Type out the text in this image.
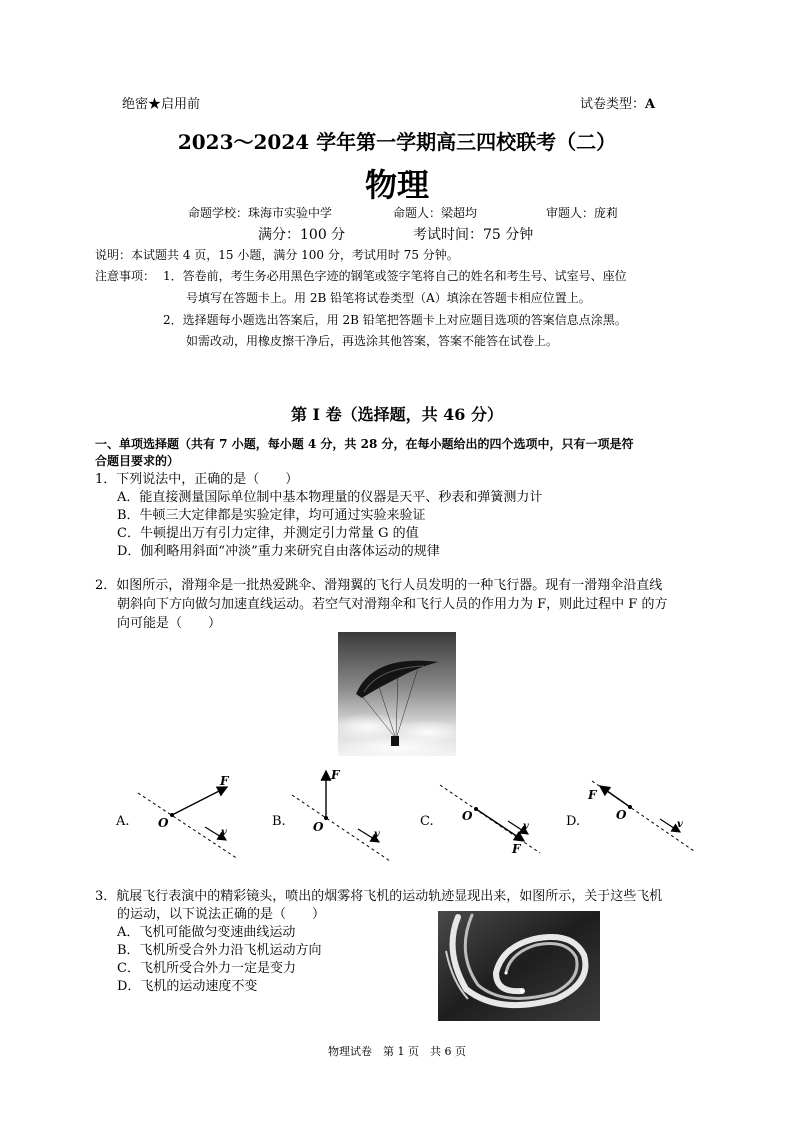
绝密★启用前	试卷类型：A
2023～2024 学年第一学期高三四校联考（二）
物理
命题学校：珠海市实验中学	命题人：梁超均	审题人：庞莉
满分：100 分	考试时间：75 分钟
说明：本试题共 4 页，15 小题，满分 100 分，考试用时 75 分钟。
注意事项： 1．答卷前，考生务必用黑色字迹的钢笔或签字笔将自己的姓名和考生号、试室号、座位
号填写在答题卡上。用 2B 铅笔将试卷类型（A）填涂在答题卡相应位置上。
2．选择题每小题选出答案后，用 2B 铅笔把答题卡上对应题目选项的答案信息点涂黑。
如需改动，用橡皮擦干净后，再选涂其他答案，答案不能答在试卷上。
第 I 卷（选择题，共 46 分）
一、单项选择题（共有 7 小题，每小题 4 分，共 28 分，在每小题给出的四个选项中，只有一项是符
合题目要求的）
1．下列说法中，正确的是（　　）
A．能直接测量国际单位制中基本物理量的仪器是天平、秒表和弹簧测力计
B．牛顿三大定律都是实验定律，均可通过实验来验证
C．牛顿提出万有引力定律，并测定引力常量 G 的值
D．伽利略用斜面“冲淡”重力来研究自由落体运动的规律
2．如图所示，滑翔伞是一批热爱跳伞、滑翔翼的飞行人员发明的一种飞行器。现有一滑翔伞沿直线
朝斜向下方向做匀加速直线运动。若空气对滑翔伞和飞行人员的作用力为 F，则此过程中 F 的方
向可能是（　　）
A. O
F
v
B. O
F
v
C. O
F
v	D.	O
F
v
3．航展飞行表演中的精彩镜头，喷出的烟雾将飞机的运动轨迹显现出来，如图所示，关于这些飞机
的运动，以下说法正确的是（　　）
A．飞机可能做匀变速曲线运动
B．飞机所受合外力沿飞机运动方向
C．飞机所受合外力一定是变力
D．飞机的运动速度不变
物理试卷　第 1 页　共 6 页
